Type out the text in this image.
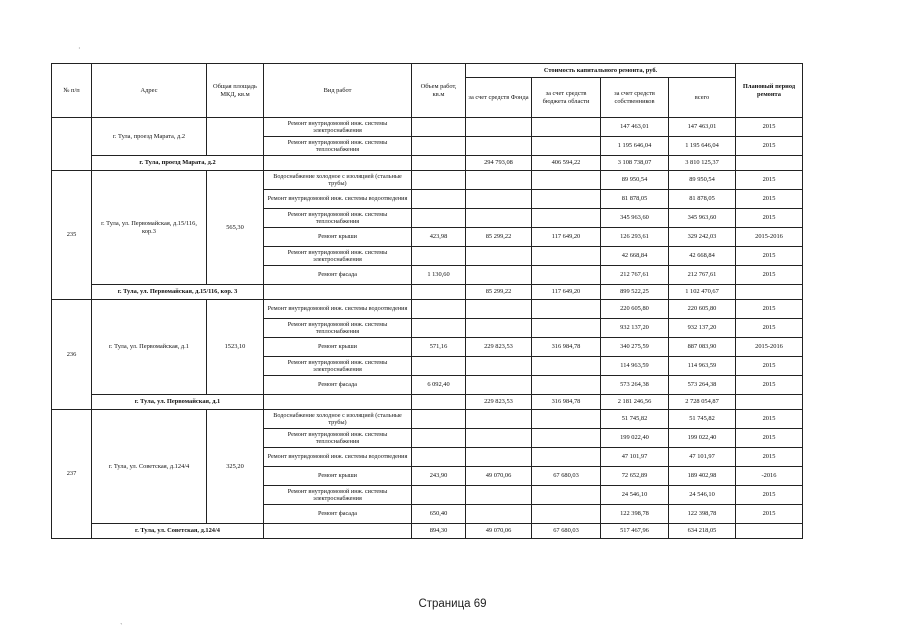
·
`
№ п/п	Адрес	Общая площадь МКД, кв.м	Вид работ	Объем работ, кв.м	Стоимость капитального ремонта, руб.				Плановый период ремонта
					за счет средств Фонда	за счет средств бюджета области	за счет средств собственников	всего	
	г. Тула, проезд Марата, д.2		Ремонт внутридомовой инж. системы электроснабжения				147 463,01	147 463,01	2015
			Ремонт внутридомовой инж. системы теплоснабжения				1 195 646,04	1 195 646,04	2015
	г. Тула, проезд Марата, д.2				294 793,08	406 594,22	3 108 738,07	3 810 125,37	
235	г. Тула, ул. Первомайская, д.15/116, кор.3	565,30	Водоснабжение холодное с изоляцией (стальные трубы)				89 950,54	89 950,54	2015
			Ремонт внутридомовой инж. системы водоотведения				81 878,05	81 878,05	2015
			Ремонт внутридомовой инж. системы теплоснабжения				345 963,60	345 963,60	2015
			Ремонт крыши	423,98	85 299,22	117 649,20	126 293,61	329 242,03	2015-2016
			Ремонт внутридомовой инж. системы электроснабжения				42 668,84	42 668,84	2015
			Ремонт фасада	1 130,60			212 767,61	212 767,61	2015
	г. Тула, ул. Первомайская, д.15/116, кор. 3				85 299,22	117 649,20	899 522,25	1 102 470,67	
236	г. Тула, ул. Первомайская, д.1	1523,10	Ремонт внутридомовой инж. системы водоотведения				220 605,80	220 605,80	2015
			Ремонт внутридомовой инж. системы теплоснабжения				932 137,20	932 137,20	2015
			Ремонт крыши	571,16	229 823,53	316 984,78	340 275,59	887 083,90	2015-2016
			Ремонт внутридомовой инж. системы электроснабжения				114 963,59	114 963,59	2015
			Ремонт фасада	6 092,40			573 264,38	573 264,38	2015
	г. Тула, ул. Первомайская, д.1				229 823,53	316 984,78	2 181 246,56	2 728 054,87	
237	г. Тула, ул. Советская, д.124/4	325,20	Водоснабжение холодное с изоляцией (стальные трубы)				51 745,82	51 745,82	2015
			Ремонт внутридомовой инж. системы теплоснабжения				199 022,40	199 022,40	2015
			Ремонт внутридомовой инж. системы водоотведения				47 101,97	47 101,97	2015
			Ремонт крыши	243,90	49 070,06	67 680,03	72 652,89	189 402,98	-2016
			Ремонт внутридомовой инж. системы электроснабжения				24 546,10	24 546,10	2015
			Ремонт фасада	650,40			122 398,78	122 398,78	2015
	г. Тула, ул. Советская, д.124/4			894,30	49 070,06	67 680,03	517 467,96	634 218,05	
Страница 69
